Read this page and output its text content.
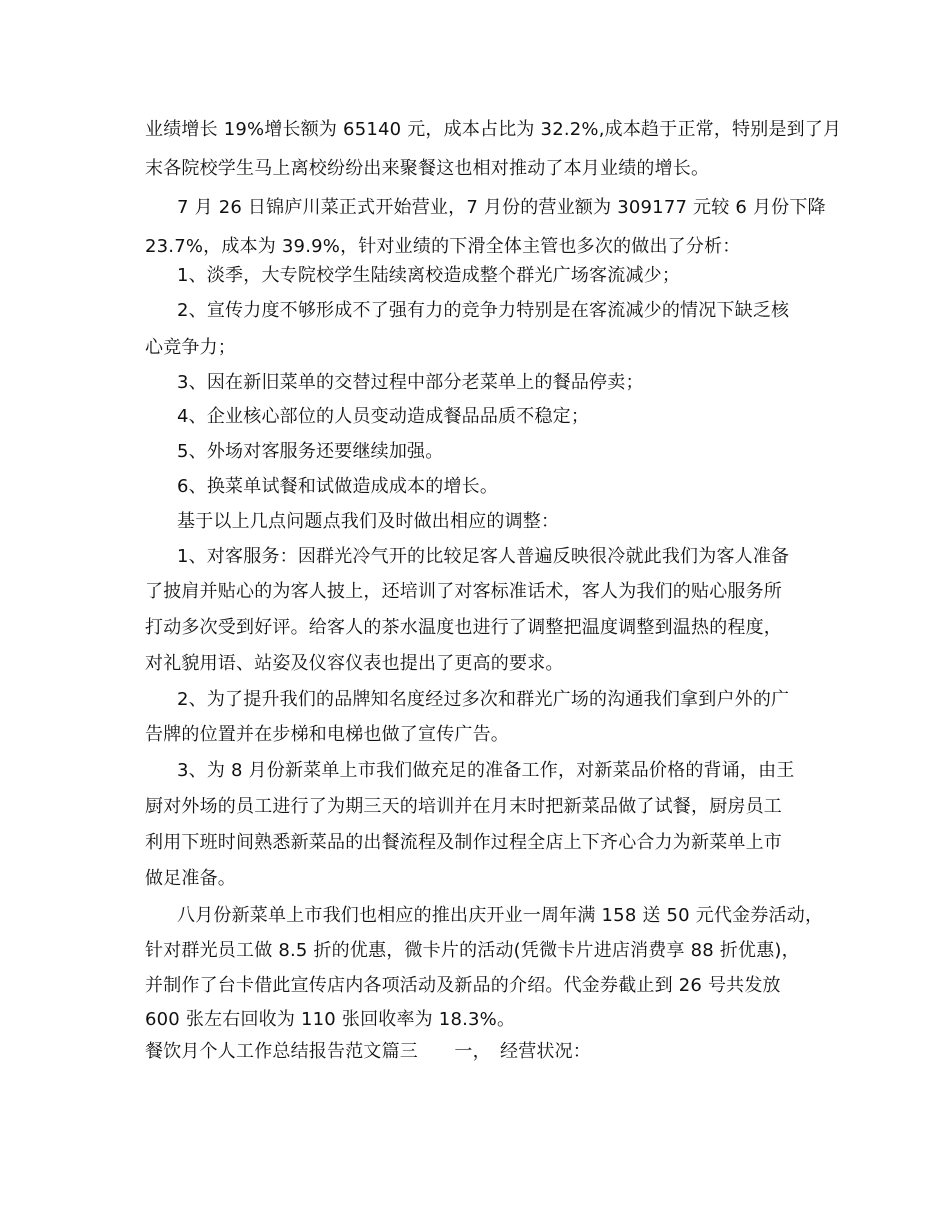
业绩增长 19%增长额为 65140 元，成本占比为 32.2%,成本趋于正常，特别是到了月
末各院校学生马上离校纷纷出来聚餐这也相对推动了本月业绩的增长。
7 月 26 日锦庐川菜正式开始营业，7 月份的营业额为 309177 元较 6 月份下降
23.7%，成本为 39.9%，针对业绩的下滑全体主管也多次的做出了分析：
1、淡季，大专院校学生陆续离校造成整个群光广场客流减少；
2、宣传力度不够形成不了强有力的竞争力特别是在客流减少的情况下缺乏核
心竞争力；
3、因在新旧菜单的交替过程中部分老菜单上的餐品停卖；
4、企业核心部位的人员变动造成餐品品质不稳定；
5、外场对客服务还要继续加强。
6、换菜单试餐和试做造成成本的增长。
基于以上几点问题点我们及时做出相应的调整：
1、对客服务：因群光冷气开的比较足客人普遍反映很冷就此我们为客人准备
了披肩并贴心的为客人披上，还培训了对客标准话术，客人为我们的贴心服务所
打动多次受到好评。给客人的茶水温度也进行了调整把温度调整到温热的程度，
对礼貌用语、站姿及仪容仪表也提出了更高的要求。
2、为了提升我们的品牌知名度经过多次和群光广场的沟通我们拿到户外的广
告牌的位置并在步梯和电梯也做了宣传广告。
3、为 8 月份新菜单上市我们做充足的准备工作，对新菜品价格的背诵，由王
厨对外场的员工进行了为期三天的培训并在月末时把新菜品做了试餐，厨房员工
利用下班时间熟悉新菜品的出餐流程及制作过程全店上下齐心合力为新菜单上市
做足准备。
八月份新菜单上市我们也相应的推出庆开业一周年满 158 送 50 元代金券活动，
针对群光员工做 8.5 折的优惠，微卡片的活动(凭微卡片进店消费享 88 折优惠)，
并制作了台卡借此宣传店内各项活动及新品的介绍。代金券截止到 26 号共发放
600 张左右回收为 110 张回收率为 18.3%。
餐饮月个人工作总结报告范文篇三　　一，　经营状况：
